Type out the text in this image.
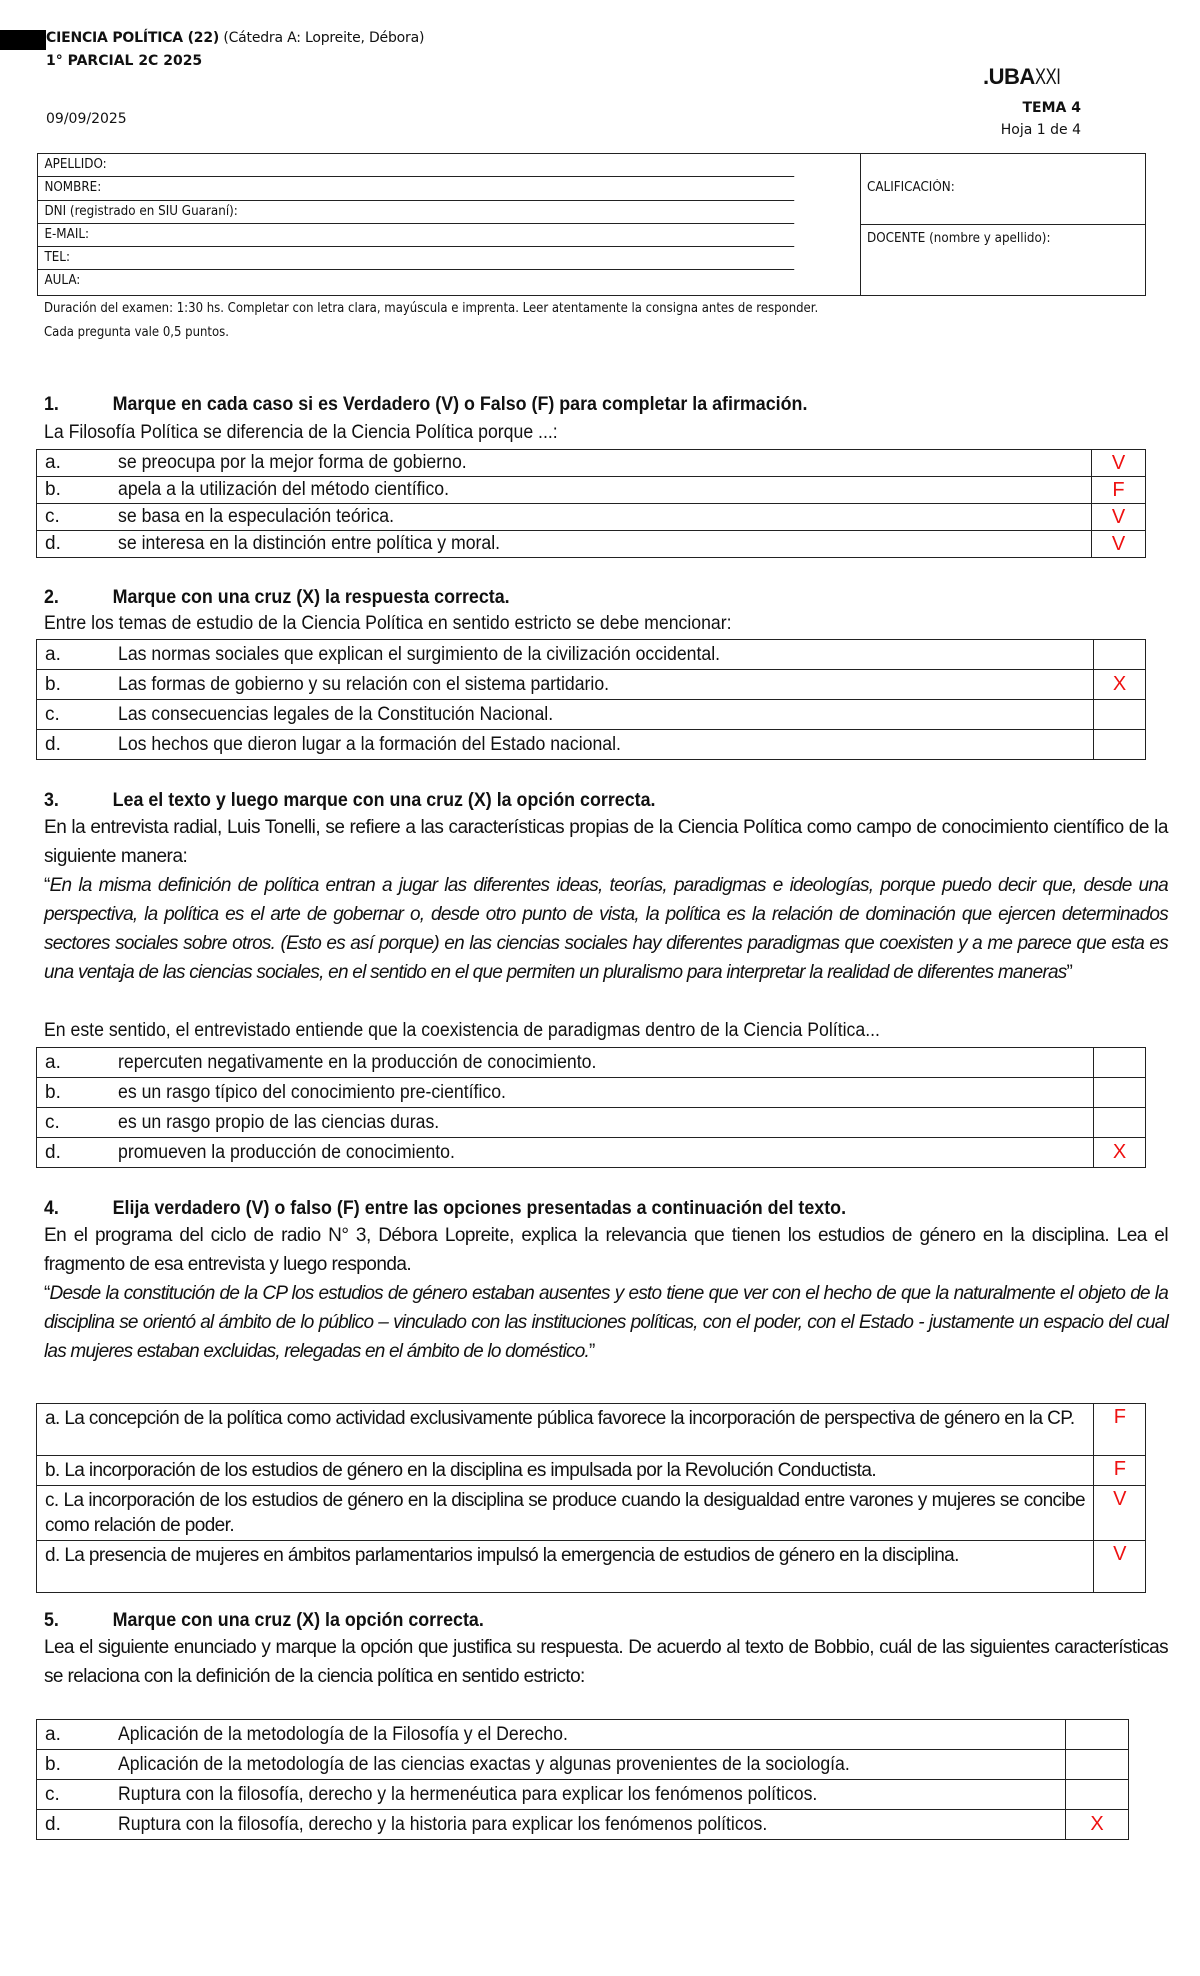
CIENCIA POLÍTICA (22) (Cátedra A: Lopreite, Débora)
1° PARCIAL 2C 2025
09/09/2025
.UBAXXI
TEMA 4
Hoja 1 de 4
APELLIDO:
NOMBRE:
DNI (registrado en SIU Guaraní):
E-MAIL:
TEL:
AULA:
CALIFICACIÓN:
DOCENTE (nombre y apellido):
Duración del examen: 1:30 hs. Completar con letra clara, mayúscula e imprenta. Leer atentamente la consigna antes de responder.
Cada pregunta vale 0,5 puntos.
1.	Marque en cada caso si es Verdadero (V) o Falso (F) para completar la afirmación.
La Filosofía Política se diferencia de la Ciencia Política porque ...:
a. se preocupa por la mejor forma de gobierno.	V
b. apela a la utilización del método científico.	F
c. se basa en la especulación teórica.	V
d. se interesa en la distinción entre política y moral.	V
2.	Marque con una cruz (X) la respuesta correcta.
Entre los temas de estudio de la Ciencia Política en sentido estricto se debe mencionar:
a. Las normas sociales que explican el surgimiento de la civilización occidental.	
b. Las formas de gobierno y su relación con el sistema partidario.	X
c. Las consecuencias legales de la Constitución Nacional.	
d. Los hechos que dieron lugar a la formación del Estado nacional.	
3.	Lea el texto y luego marque con una cruz (X) la opción correcta.
En la entrevista radial, Luis Tonelli, se refiere a las características propias de la Ciencia Política como campo de conocimiento científico de la siguiente manera:
“En la misma definición de política entran a jugar las diferentes ideas, teorías, paradigmas e ideologías, porque puedo decir que, desde una perspectiva, la política es el arte de gobernar o, desde otro punto de vista, la política es la relación de dominación que ejercen determinados sectores sociales sobre otros. (Esto es así porque) en las ciencias sociales hay diferentes paradigmas que coexisten y a me parece que esta es una ventaja de las ciencias sociales, en el sentido en el que permiten un pluralismo para interpretar la realidad de diferentes maneras”
En este sentido, el entrevistado entiende que la coexistencia de paradigmas dentro de la Ciencia Política...
a. repercuten negativamente en la producción de conocimiento.	
b. es un rasgo típico del conocimiento pre-científico.	
c. es un rasgo propio de las ciencias duras.	
d. promueven la producción de conocimiento.	X
4.	Elija verdadero (V) o falso (F) entre las opciones presentadas a continuación del texto.
En el programa del ciclo de radio N° 3, Débora Lopreite, explica la relevancia que tienen los estudios de género en la disciplina. Lea el fragmento de esa entrevista y luego responda.
“Desde la constitución de la CP los estudios de género estaban ausentes y esto tiene que ver con el hecho de que la naturalmente el objeto de la disciplina se orientó al ámbito de lo público – vinculado con las instituciones políticas, con el poder, con el Estado - justamente un espacio del cual las mujeres estaban excluidas, relegadas en el ámbito de lo doméstico.”
a. La concepción de la política como actividad exclusivamente pública favorece la incorporación de perspectiva de género en la CP.	F
b. La incorporación de los estudios de género en la disciplina es impulsada por la Revolución Conductista.	F
c. La incorporación de los estudios de género en la disciplina se produce cuando la desigualdad entre varones y mujeres se concibe como relación de poder.	V
d. La presencia de mujeres en ámbitos parlamentarios impulsó la emergencia de estudios de género en la disciplina.	V
5.	Marque con una cruz (X) la opción correcta.
Lea el siguiente enunciado y marque la opción que justifica su respuesta. De acuerdo al texto de Bobbio, cuál de las siguientes características se relaciona con la definición de la ciencia política en sentido estricto:
a. Aplicación de la metodología de la Filosofía y el Derecho.	
b. Aplicación de la metodología de las ciencias exactas y algunas provenientes de la sociología.	
c. Ruptura con la filosofía, derecho y la hermenéutica para explicar los fenómenos políticos.	
d. Ruptura con la filosofía, derecho y la historia para explicar los fenómenos políticos.	X
